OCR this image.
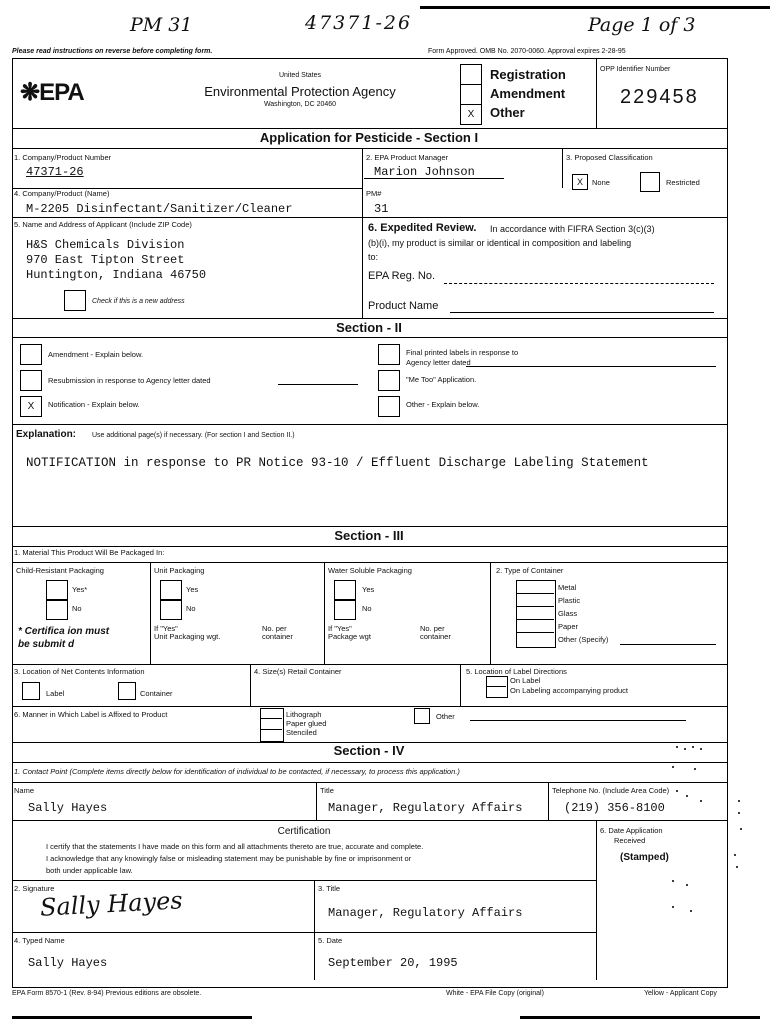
PM 31	47371-26	Page 1 of 3
Please read instructions on reverse before completing form.	Form Approved. OMB No. 2070-0060. Approval expires 2-28-95
❋EPA
United States
Environmental Protection Agency
Washington, DC 20460
X
Registration
Amendment
Other
OPP Identifier Number
229458
Application for Pesticide - Section I
1. Company/Product Number
47371-26
2. EPA Product Manager
Marion Johnson
3. Proposed Classification
X	None	Restricted
4. Company/Product (Name)
M-2205 Disinfectant/Sanitizer/Cleaner
PM#
31
5. Name and Address of Applicant (Include ZIP Code)
H&S Chemicals Division
970 East Tipton Street
Huntington, Indiana 46750
Check if this is a new address
6. Expedited Review. In accordance with FIFRA Section 3(c)(3)
(b)(i), my product is similar or identical in composition and labeling
to:
EPA Reg. No.
Product Name
Section - II
Amendment - Explain below.
Resubmission in response to Agency letter dated
X	Notification - Explain below.
Final printed labels in response to
Agency letter dated
"Me Too" Application.
Other - Explain below.
Explanation: Use additional page(s) if necessary. (For section I and Section II.)
NOTIFICATION in response to PR Notice 93-10 / Effluent Discharge Labeling Statement
Section - III
1. Material This Product Will Be Packaged In:
Child-Resistant Packaging
Yes*
No
* Certifica ion must
be submit d
Unit Packaging
Yes
No
If "Yes"
Unit Packaging wgt.
No. per
container
Water Soluble Packaging
Yes
No
If "Yes"
Package wgt
No. per
container
2. Type of Container
Metal
Plastic
Glass
Paper
Other (Specify)
3. Location of Net Contents Information
Label	Container
4. Size(s) Retail Container	5. Location of Label Directions
On Label
On Labeling accompanying product
6. Manner in Which Label is Affixed to Product	Lithograph
Paper glued
Stenciled
Other
Section - IV
1. Contact Point (Complete items directly below for identification of individual to be contacted, if necessary, to process this application.)
Name
Sally Hayes
Title
Manager, Regulatory Affairs
Telephone No. (Include Area Code)
(219) 356-8100
Certification
I certify that the statements I have made on this form and all attachments thereto are true, accurate and complete.
I acknowledge that any knowingly false or misleading statement may be punishable by fine or imprisonment or
both under applicable law.
6. Date Application
Received
(Stamped)
2. Signature
Sally Hayes	3. Title
Manager, Regulatory Affairs
4. Typed Name
Sally Hayes
5. Date
September 20, 1995
EPA Form 8570-1 (Rev. 8-94) Previous editions are obsolete.	White - EPA File Copy (original)	Yellow - Applicant Copy
